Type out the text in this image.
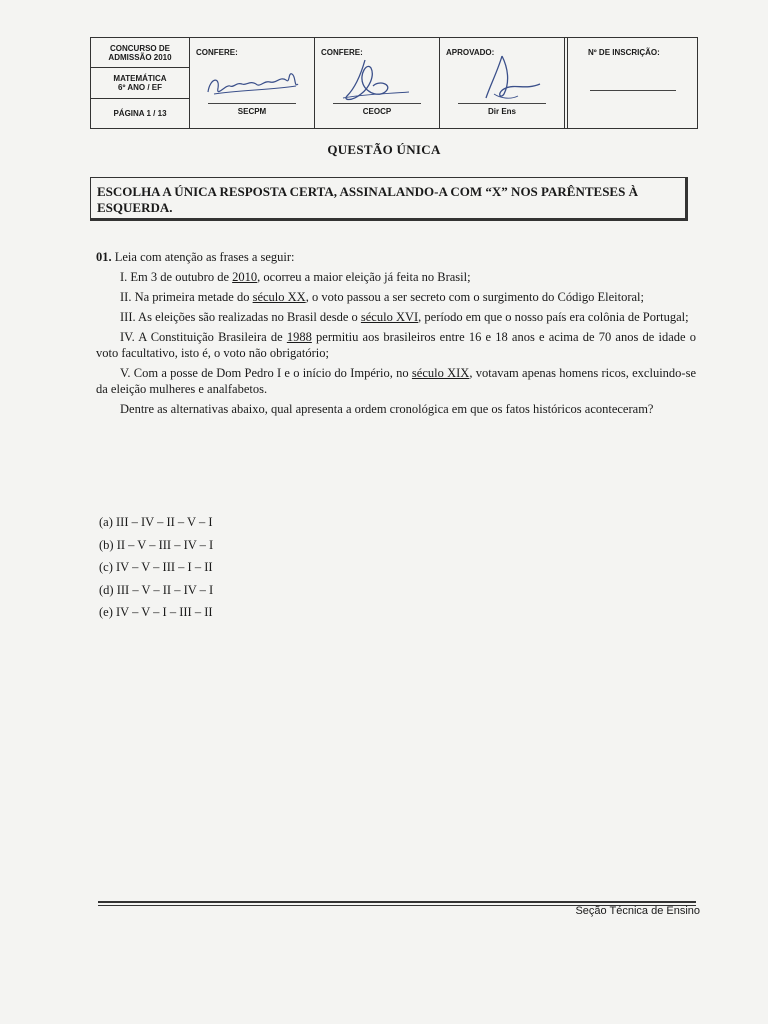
CONCURSO DE
ADMISSÃO 2010
MATEMÁTICA
6º ANO / EF
PÁGINA 1 / 13
CONFERE:
SECPM
CONFERE:
CEOCP
APROVADO:
Dir Ens
Nº DE INSCRIÇÃO:
QUESTÃO ÚNICA
ESCOLHA A ÚNICA RESPOSTA CERTA, ASSINALANDO-A COM “X” NOS PARÊNTESES À ESQUERDA.

01. Leia com atenção as frases a seguir:

I. Em 3 de outubro de 2010, ocorreu a maior eleição já feita no Brasil;

II. Na primeira metade do século XX, o voto passou a ser secreto com o surgimento do Código Eleitoral;

III. As eleições são realizadas no Brasil desde o século XVI, período em que o nosso país era colônia de Portugal;

IV. A Constituição Brasileira de 1988 permitiu aos brasileiros entre 16 e 18 anos e acima de 70 anos de idade o voto facultativo, isto é, o voto não obrigatório;

V. Com a posse de Dom Pedro I e o início do Império, no século XIX, votavam apenas homens ricos, excluindo-se da eleição mulheres e analfabetos.

Dentre as alternativas abaixo, qual apresenta a ordem cronológica em que os fatos históricos aconteceram?

(a) III – IV – II – V – I
(b) II – V – III – IV – I
(c) IV – V – III – I – II
(d) III – V – II – IV – I
(e) IV – V – I – III – II
Seção Técnica de Ensino
